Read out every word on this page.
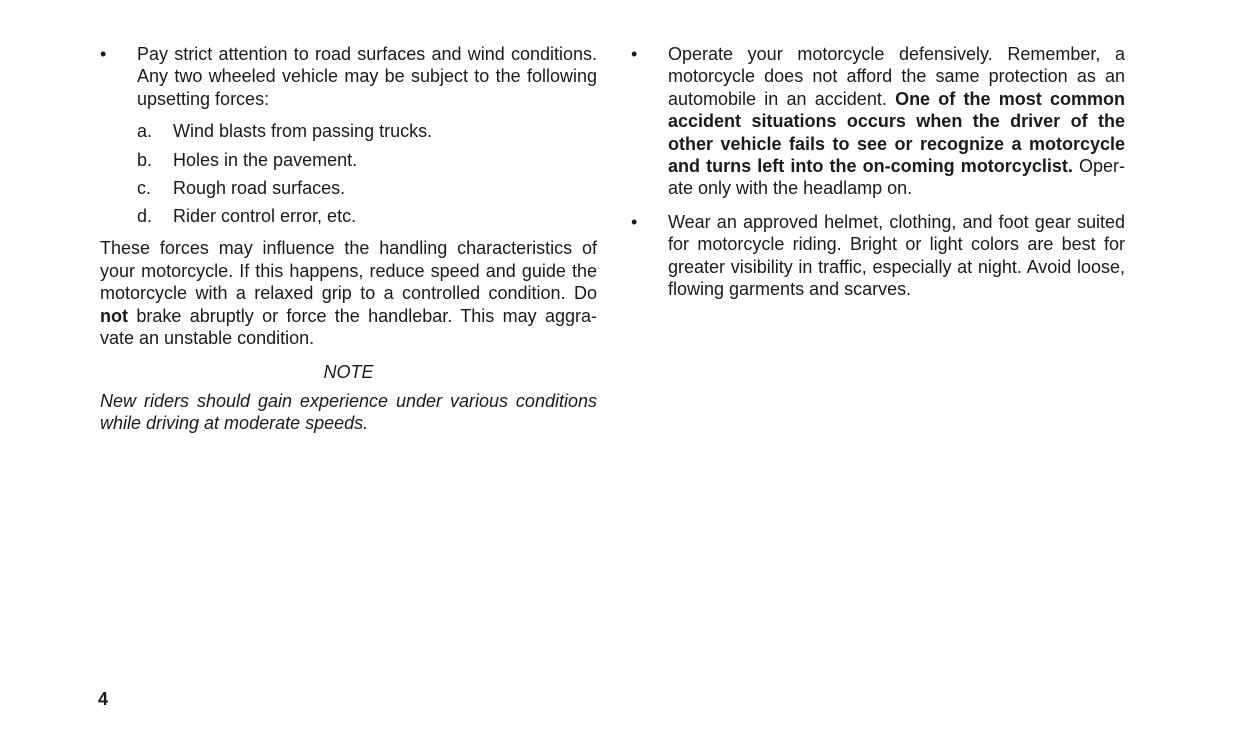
• Pay strict attention to road surfaces and wind conditions. Any two wheeled vehicle may be subject to the following upsetting forces:
a. Wind blasts from passing trucks.
b. Holes in the pavement.
c. Rough road surfaces.
d. Rider control error, etc.
These forces may influence the handling characteristics of your motorcycle. If this happens, reduce speed and guide the motorcycle with a relaxed grip to a controlled condition. Do not brake abruptly or force the handlebar. This may aggra-vate an unstable condition.
NOTE
New riders should gain experience under various conditions while driving at moderate speeds.
• Operate your motorcycle defensively. Remember, a motorcycle does not afford the same protection as an automobile in an accident. One of the most common accident situations occurs when the driver of the other vehicle fails to see or recognize a motorcycle and turns left into the on-coming motorcyclist. Oper-ate only with the headlamp on.
• Wear an approved helmet, clothing, and foot gear suited for motorcycle riding. Bright or light colors are best for greater visibility in traffic, especially at night. Avoid loose, flowing garments and scarves.
4
